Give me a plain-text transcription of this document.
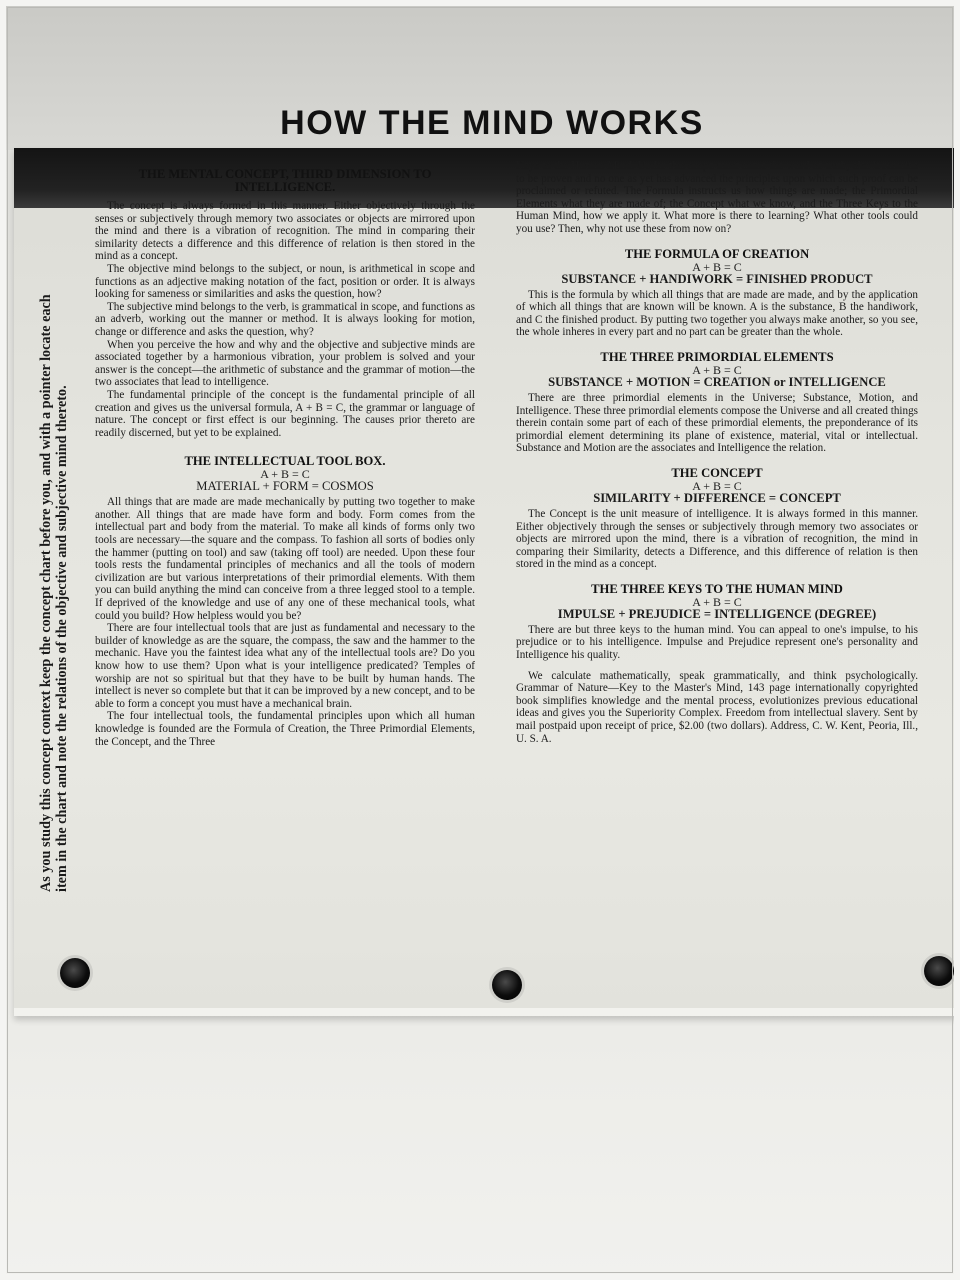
HOW THE MIND WORKS

As you study this concept context keep the concept chart before you, and with a pointer locate each item in the chart and note the relations of the objective and subjective mind thereto.

THE MENTAL CONCEPT, THIRD DIMENSION TO INTELLIGENCE.

The concept is always formed in this manner. Either objectively through the senses or subjectively through memory two associates or objects are mirrored upon the mind and there is a vibration of recognition. The mind in comparing their similarity detects a difference and this difference of relation is then stored in the mind as a concept.

The objective mind belongs to the subject, or noun, is arithmetical in scope and functions as an adjective making notation of the fact, position or order. It is always looking for sameness or similarities and asks the question, how?

The subjective mind belongs to the verb, is grammatical in scope, and functions as an adverb, working out the manner or method. It is always looking for motion, change or difference and asks the question, why?

When you perceive the how and why and the objective and subjective minds are associated together by a harmonious vibration, your problem is solved and your answer is the concept—the arithmetic of substance and the grammar of motion—the two associates that lead to intelligence.

The fundamental principle of the concept is the fundamental principle of all creation and gives us the universal formula, A + B = C, the grammar or language of nature. The concept or first effect is our beginning. The causes prior thereto are readily discerned, but yet to be explained.

THE INTELLECTUAL TOOL BOX.

A + B = C

MATERIAL + FORM = COSMOS

All things that are made are made mechanically by putting two together to make another. All things that are made have form and body. Form comes from the intellectual part and body from the material. To make all kinds of forms only two tools are necessary—the square and the compass. To fashion all sorts of bodies only the hammer (putting on tool) and saw (taking off tool) are needed. Upon these four tools rests the fundamental principles of mechanics and all the tools of modern civilization are but various interpretations of their primordial elements. With them you can build anything the mind can conceive from a three legged stool to a temple. If deprived of the knowledge and use of any one of these mechanical tools, what could you build? How helpless would you be?

There are four intellectual tools that are just as fundamental and necessary to the builder of knowledge as are the square, the compass, the saw and the hammer to the mechanic. Have you the faintest idea what any of the intellectual tools are? Do you know how to use them? Upon what is your intelligence predicated? Temples of worship are not so spiritual but that they have to be built by human hands. The intellect is never so complete but that it can be improved by a new concept, and to be able to form a concept you must have a mechanical brain.

The four intellectual tools, the fundamental principles upon which all human knowledge is founded are the Formula of Creation, the Three Primordial Elements, the Concept, and the Three

Keys to the Human Mind. Under this scope must come the word of truth, else it remains to be proven and no one as yet has advanced the principles upon which such proof can be proclaimed or refuted. The Formula instructs us how things are made; the Primordial Elements what they are made of; the Concept what we know, and the Three Keys to the Human Mind, how we apply it. What more is there to learning? What other tools could you use? Then, why not use these from now on?

THE FORMULA OF CREATION

A + B = C

SUBSTANCE + HANDIWORK = FINISHED PRODUCT

This is the formula by which all things that are made are made, and by the application of which all things that are known will be known. A is the substance, B the handiwork, and C the finished product. By putting two together you always make another, so you see, the whole inheres in every part and no part can be greater than the whole.

THE THREE PRIMORDIAL ELEMENTS

A + B = C

SUBSTANCE + MOTION = CREATION or INTELLIGENCE

There are three primordial elements in the Universe; Substance, Motion, and Intelligence. These three primordial elements compose the Universe and all created things therein contain some part of each of these primordial elements, the preponderance of its primordial element determining its plane of existence, material, vital or intellectual. Substance and Motion are the associates and Intelligence the relation.

THE CONCEPT

A + B = C

SIMILARITY + DIFFERENCE = CONCEPT

The Concept is the unit measure of intelligence. It is always formed in this manner. Either objectively through the senses or subjectively through memory two associates or objects are mirrored upon the mind, there is a vibration of recognition, the mind in comparing their Similarity, detects a Difference, and this difference of relation is then stored in the mind as a concept.

THE THREE KEYS TO THE HUMAN MIND

A + B = C

IMPULSE + PREJUDICE = INTELLIGENCE (DEGREE)

There are but three keys to the human mind. You can appeal to one's impulse, to his prejudice or to his intelligence. Impulse and Prejudice represent one's personality and Intelligence his quality.

We calculate mathematically, speak grammatically, and think psychologically. Grammar of Nature—Key to the Master's Mind, 143 page internationally copyrighted book simplifies knowledge and the mental process, evolutionizes previous educational ideas and gives you the Superiority Complex. Freedom from intellectual slavery. Sent by mail postpaid upon receipt of price, $2.00 (two dollars). Address, C. W. Kent, Peoria, Ill., U. S. A.
